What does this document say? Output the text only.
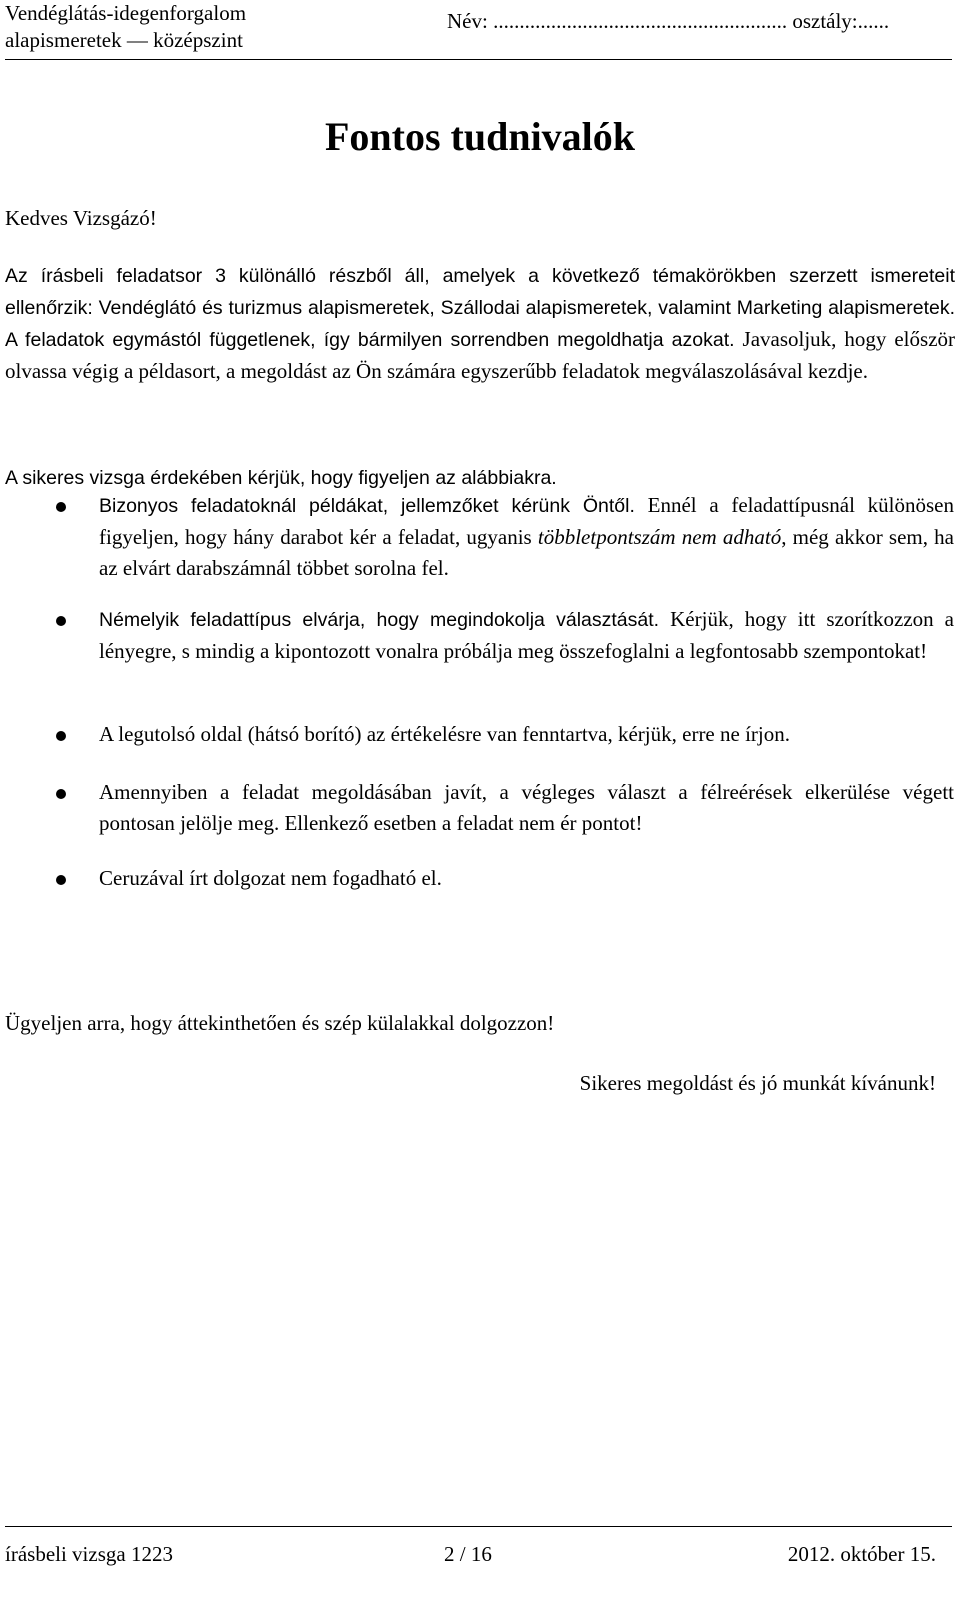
Vendéglátás-idegenforgalom
alapismeretek — középszint
Név: ........................................................ osztály:......
Fontos tudnivalók

Kedves Vizsgázó!

Az írásbeli feladatsor 3 különálló részből áll, amelyek a következő témakörökben szerzett ismereteit ellenőrzik: Vendéglátó és turizmus alapismeretek, Szállodai alapismeretek, valamint Marketing alapismeretek. A feladatok egymástól függetlenek, így bármilyen sorrendben megoldhatja azokat. Javasoljuk, hogy először olvassa végig a példasort, a megoldást az Ön számára egyszerűbb feladatok megválaszolásával kezdje.

A sikeres vizsga érdekében kérjük, hogy figyeljen az alábbiakra.

Bizonyos feladatoknál példákat, jellemzőket kérünk Öntől. Ennél a feladattípusnál különösen figyeljen, hogy hány darabot kér a feladat, ugyanis többletpontszám nem adható, még akkor sem, ha az elvárt darabszámnál többet sorolna fel.

Némelyik feladattípus elvárja, hogy megindokolja választását. Kérjük, hogy itt szorítkozzon a lényegre, s mindig a kipontozott vonalra próbálja meg összefoglalni a legfontosabb szempontokat!

A legutolsó oldal (hátsó borító) az értékelésre van fenntartva, kérjük, erre ne írjon.

Amennyiben a feladat megoldásában javít, a végleges választ a félreérések elkerülése végett pontosan jelölje meg. Ellenkező esetben a feladat nem ér pontot!

Ceruzával írt dolgozat nem fogadható el.

Ügyeljen arra, hogy áttekinthetően és szép külalakkal dolgozzon!

Sikeres megoldást és jó munkát kívánunk!
írásbeli vizsga 1223	2 / 16	2012. október 15.
